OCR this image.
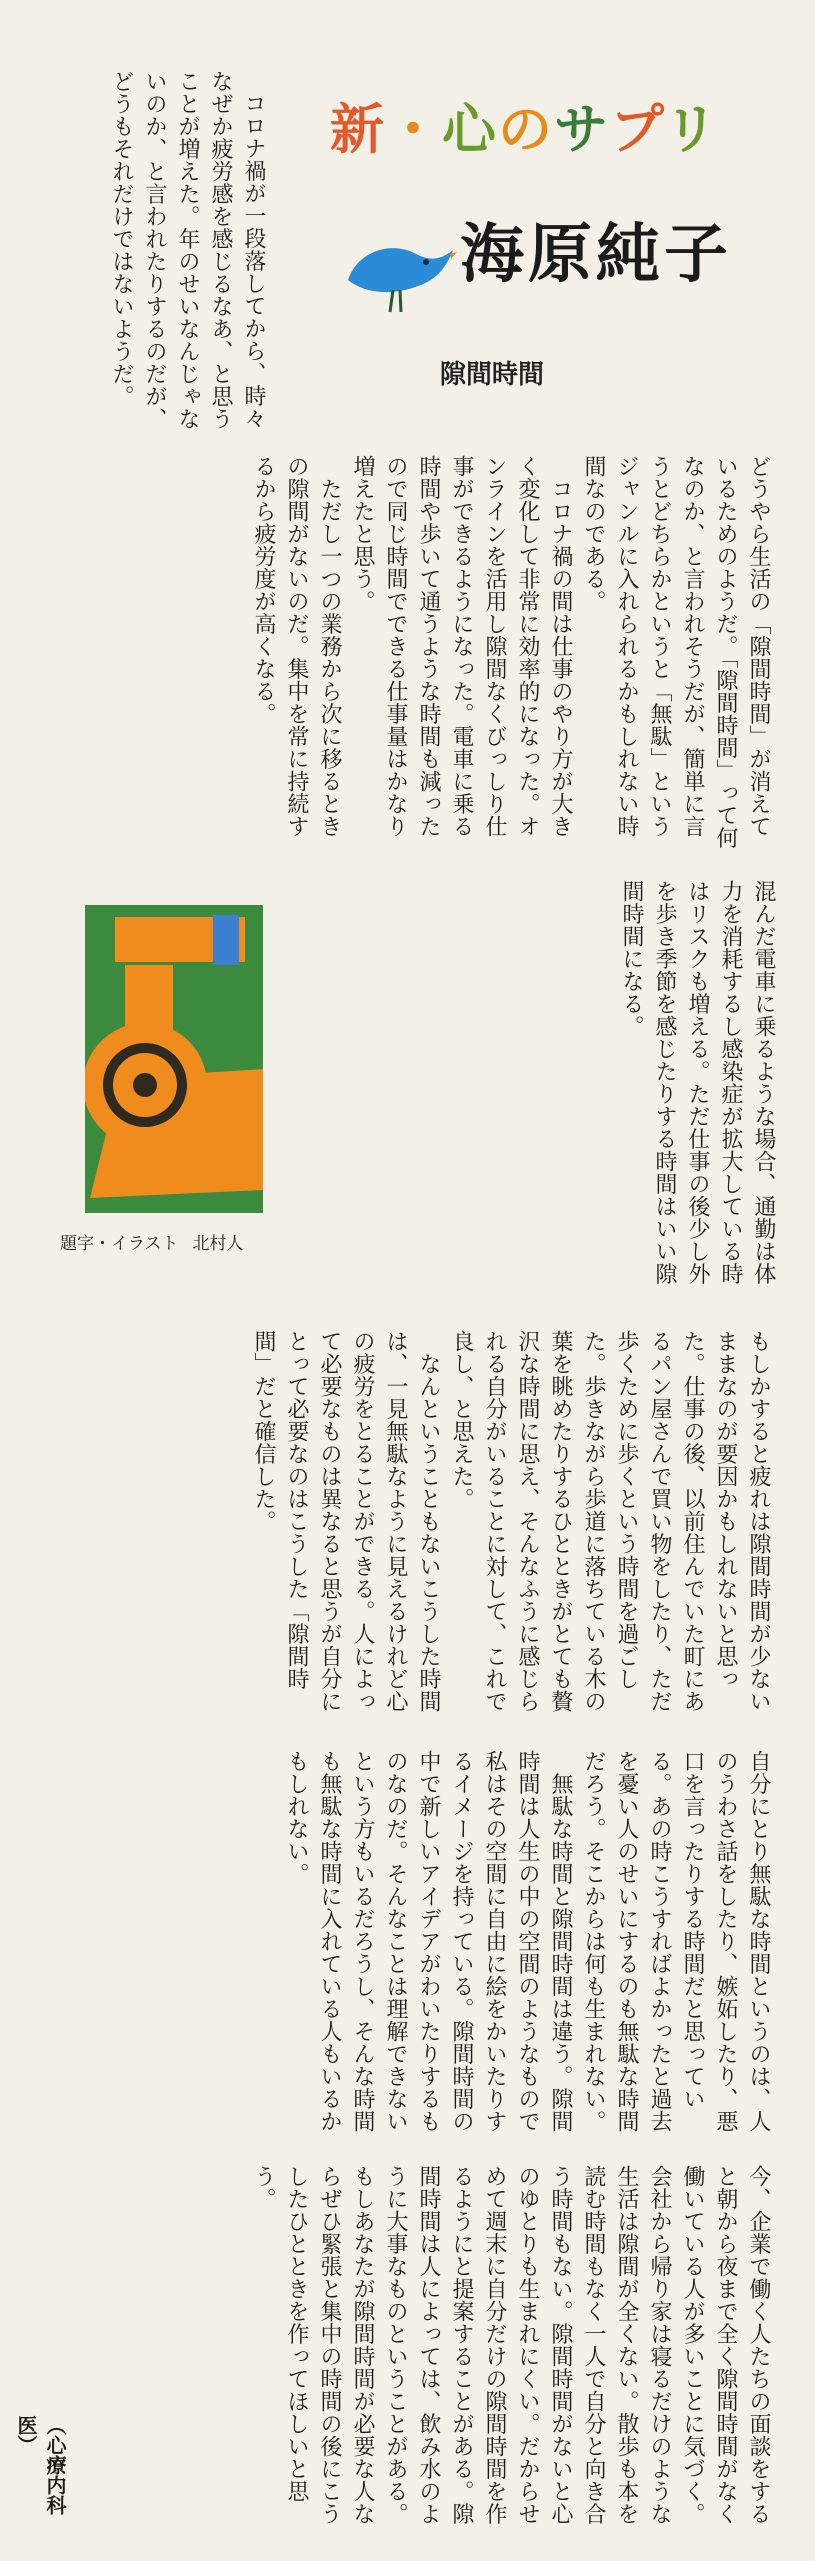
新・心のサプリ
海原純子
隙間時間

コロナ禍が一段落してから、時々なぜか疲労感を感じるなあ、と思うことが増えた。年のせいなんじゃないのか、と言われたりするのだが、どうもそれだけではないようだ。

どうやら生活の「隙間時間」が消えているためのようだ。「隙間時間」って何なのか、と言われそうだが、簡単に言うとどちらかというと「無駄」というジャンルに入れられるかもしれない時間なのである。
　コロナ禍の間は仕事のやり方が大きく変化して非常に効率的になった。オンラインを活用し隙間なくびっしり仕事ができるようになった。電車に乗る時間や歩いて通うような時間も減ったので同じ時間でできる仕事量はかなり増えたと思う。
　ただし一つの業務から次に移るときの隙間がないのだ。集中を常に持続するから疲労度が高くなる。
混んだ電車に乗るような場合、通勤は体力を消耗するし感染症が拡大している時はリスクも増える。ただ仕事の後少し外を歩き季節を感じたりする時間はいい隙間時間になる。
題字・イラスト 北村人
もしかすると疲れは隙間時間が少ないままなのが要因かもしれないと思った。仕事の後、以前住んでいた町にあるパン屋さんで買い物をしたり、ただ歩くために歩くという時間を過ごした。歩きながら歩道に落ちている木の葉を眺めたりするひとときがとても贅沢な時間に思え、そんなふうに感じられる自分がいることに対して、これで良し、と思えた。
　なんということもないこうした時間は、一見無駄なように見えるけれど心の疲労をとることができる。人によって必要なものは異なると思うが自分にとって必要なのはこうした「隙間時間」だと確信した。
自分にとり無駄な時間というのは、人のうわさ話をしたり、嫉妬したり、悪口を言ったりする時間だと思っている。あの時こうすればよかったと過去を憂い人のせいにするのも無駄な時間だろう。そこからは何も生まれない。
　無駄な時間と隙間時間は違う。隙間時間は人生の中の空間のようなもので私はその空間に自由に絵をかいたりするイメージを持っている。隙間時間の中で新しいアイデアがわいたりするものなのだ。そんなことは理解できないという方もいるだろうし、そんな時間も無駄な時間に入れている人もいるかもしれない。
今、企業で働く人たちの面談をすると朝から夜まで全く隙間時間がなく働いている人が多いことに気づく。会社から帰り家は寝るだけのような生活は隙間が全くない。散歩も本を読む時間もなく一人で自分と向き合う時間もない。隙間時間がないと心のゆとりも生まれにくい。だからせめて週末に自分だけの隙間時間を作るようにと提案することがある。隙間時間は人によっては、飲み水のように大事なものということがある。もしあなたが隙間時間が必要な人ならぜひ緊張と集中の時間の後にこうしたひとときを作ってほしいと思う。
（心療内科医）
